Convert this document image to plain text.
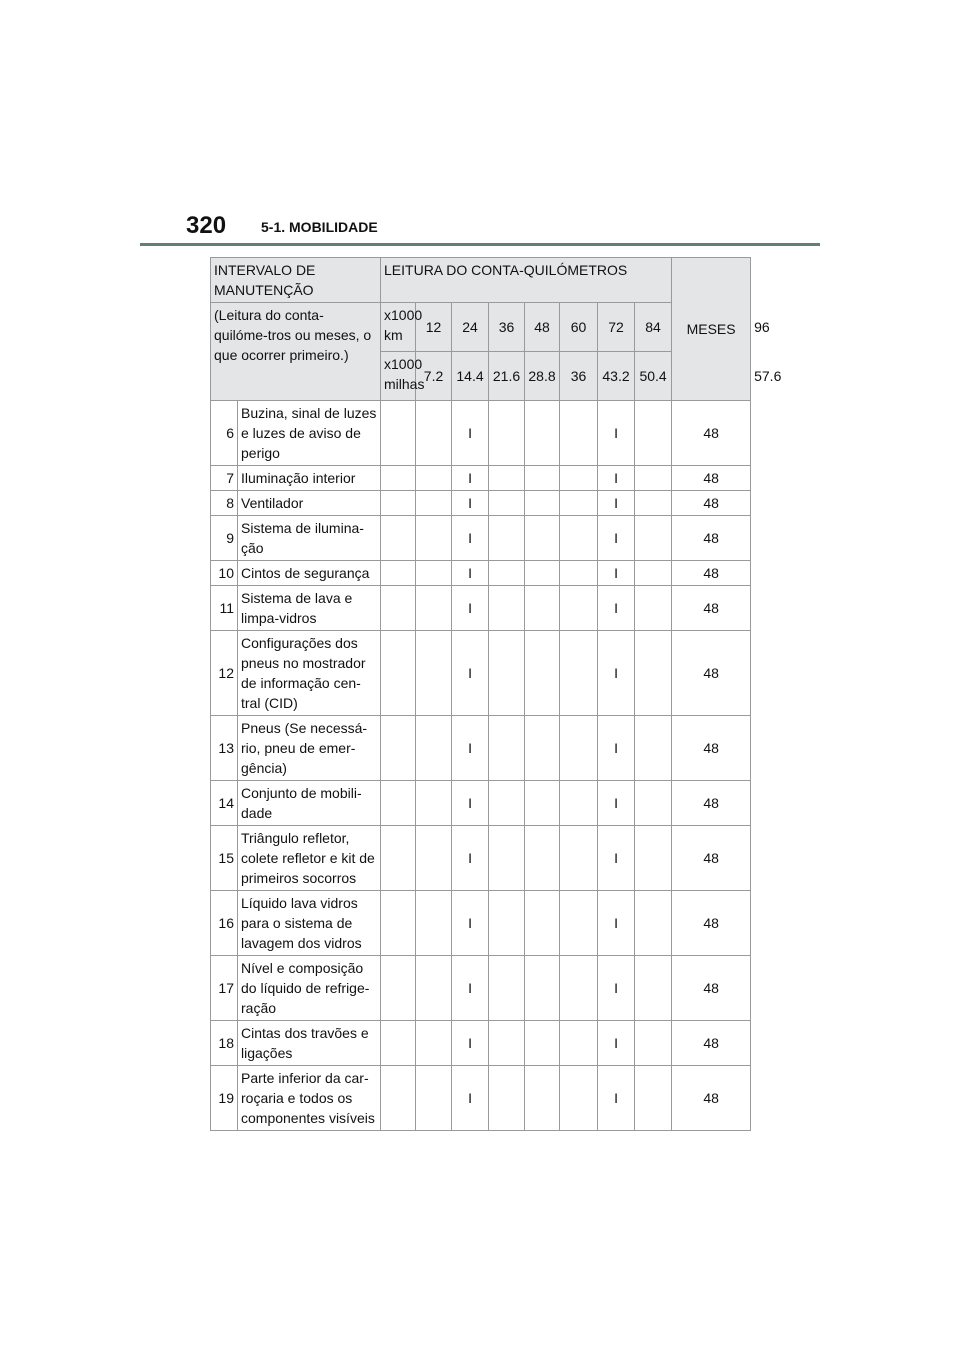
320 5-1. MOBILIDADE
INTERVALO DE MANUTENÇÃO		LEITURA DO CONTA-QUILÓMETROS								MESES	
(Leitura do conta-quilóme-tros ou meses, o que ocorrer primeiro.)		x1000 km	12	24	36	48	60	72	84		96
		x1000 milhas	7.2	14.4	21.6	28.8	36	43.2	50.4		57.6
6	Buzina, sinal de luzes e luzes de aviso de perigo			I				I		48	
7	Iluminação interior			I				I		48	
8	Ventilador			I				I		48	
9	Sistema de ilumina-ção			I				I		48	
10	Cintos de segurança			I				I		48	
11	Sistema de lava e limpa-vidros			I				I		48	
12	Configurações dos pneus no mostrador de informação cen-tral (CID)			I				I		48	
13	Pneus (Se necessá-rio, pneu de emer-gência)			I				I		48	
14	Conjunto de mobili-dade			I				I		48	
15	Triângulo refletor, colete refletor e kit de primeiros socorros			I				I		48	
16	Líquido lava vidros para o sistema de lavagem dos vidros			I				I		48	
17	Nível e composição do líquido de refrige-ração			I				I		48	
18	Cintas dos travões e ligações			I				I		48	
19	Parte inferior da car-roçaria e todos os componentes visíveis			I				I		48	
